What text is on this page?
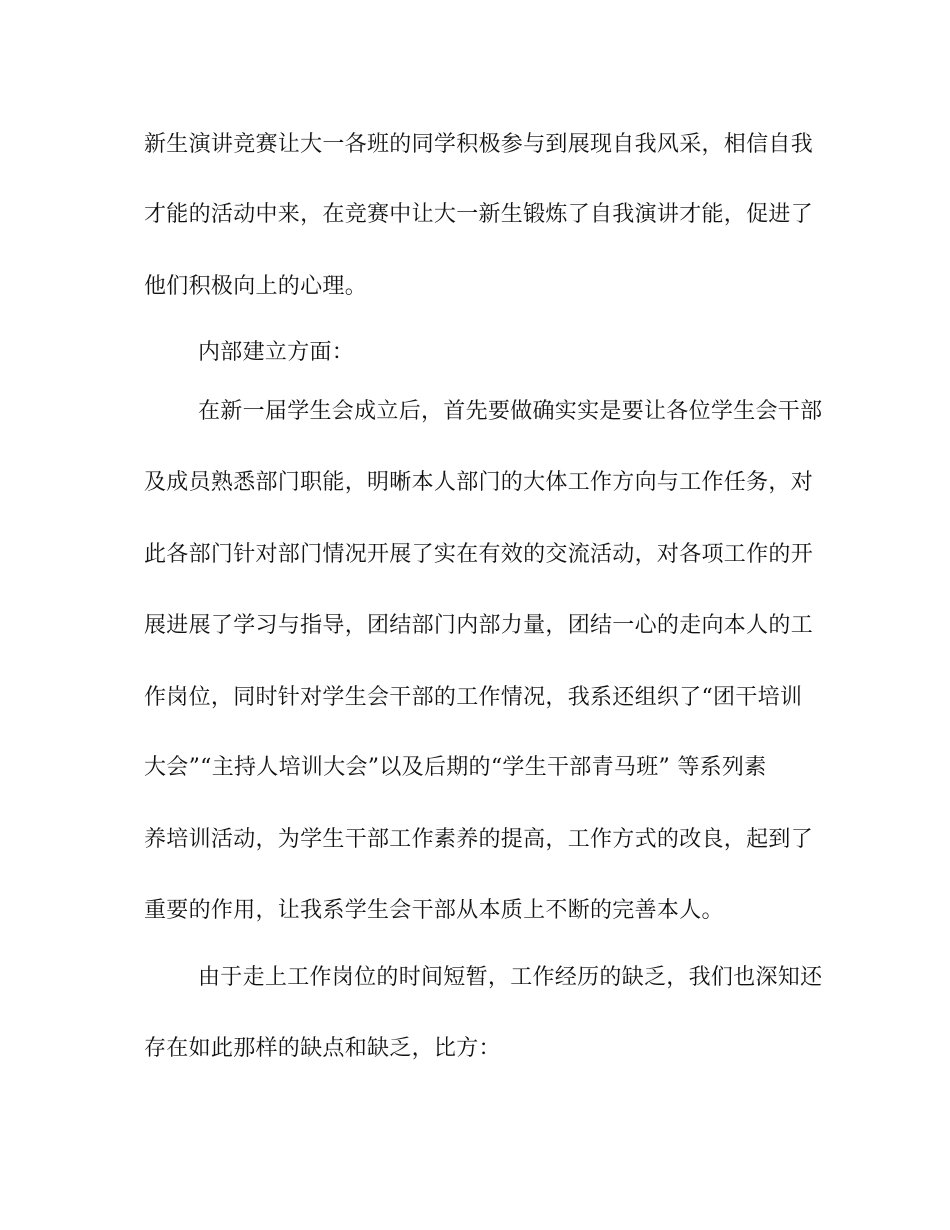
新生演讲竞赛让大一各班的同学积极参与到展现自我风采，相信自我
才能的活动中来，在竞赛中让大一新生锻炼了自我演讲才能，促进了
他们积极向上的心理。
内部建立方面：
在新一届学生会成立后，首先要做确实实是要让各位学生会干部
及成员熟悉部门职能，明晰本人部门的大体工作方向与工作任务，对
此各部门针对部门情况开展了实在有效的交流活动，对各项工作的开
展进展了学习与指导，团结部门内部力量，团结一心的走向本人的工
作岗位，同时针对学生会干部的工作情况，我系还组织了“团干培训
大会”“主持人培训大会”以及后期的“学生干部青马班” 等系列素
养培训活动，为学生干部工作素养的提高，工作方式的改良，起到了
重要的作用，让我系学生会干部从本质上不断的完善本人。
由于走上工作岗位的时间短暂，工作经历的缺乏，我们也深知还
存在如此那样的缺点和缺乏，比方：
